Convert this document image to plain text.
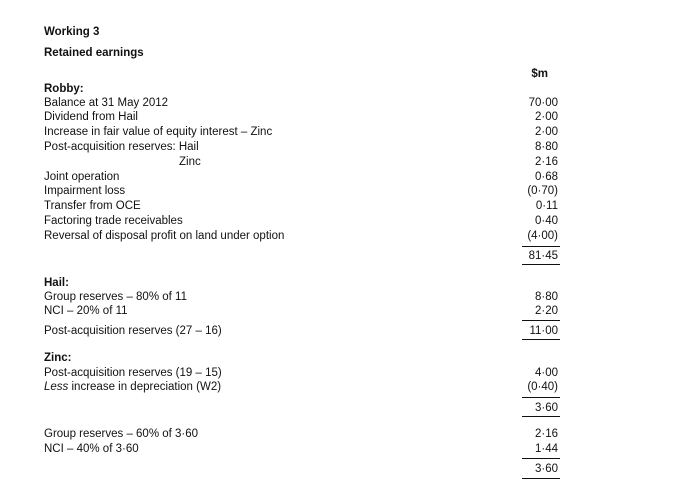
Working 3
Retained earnings
$m
Robby:
Balance at 31 May 2012	70·00
Dividend from Hail	2·00
Increase in fair value of equity interest – Zinc	2·00
Post-acquisition reserves: Hail	8·80
Zinc	2·16
Joint operation	0·68
Impairment loss	(0·70)
Transfer from OCE	0·11
Factoring trade receivables	0·40
Reversal of disposal profit on land under option	(4·00)
81·45
Hail:
Group reserves – 80% of 11	8·80
NCI – 20% of 11	2·20
Post-acquisition reserves (27 – 16)	11·00
Zinc:
Post-acquisition reserves (19 – 15)	4·00
Less increase in depreciation (W2)	(0·40)
3·60
Group reserves – 60% of 3·60	2·16
NCI – 40% of 3·60	1·44
3·60
